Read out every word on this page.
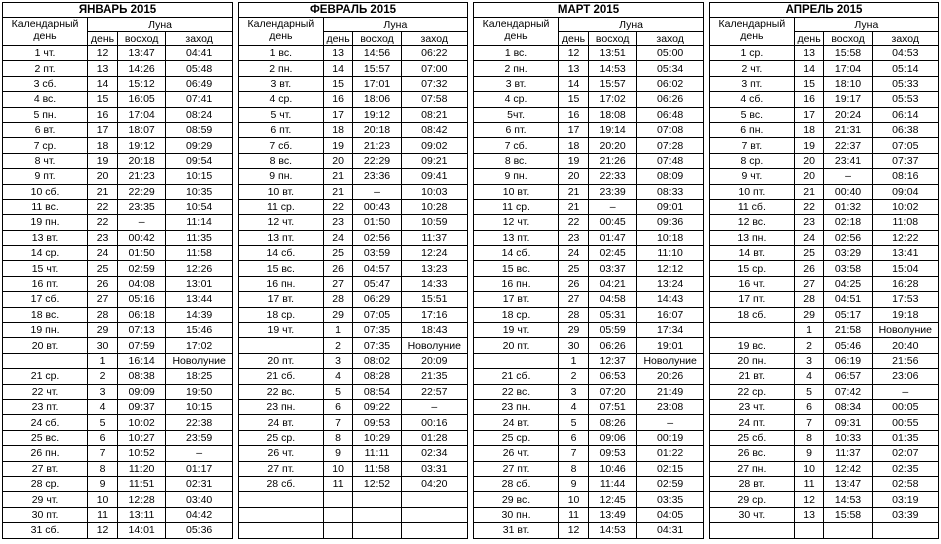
ЯНВАРЬ 2015			
Календарный
день	Луна		
	день	восход	заход
1 чт.	12	13:47	04:41
2 пт.	13	14:26	05:48
3 сб.	14	15:12	06:49
4 вс.	15	16:05	07:41
5 пн.	16	17:04	08:24
6 вт.	17	18:07	08:59
7 ср.	18	19:12	09:29
8 чт.	19	20:18	09:54
9 пт.	20	21:23	10:15
10 сб.	21	22:29	10:35
11 вс.	22	23:35	10:54
19 пн.	22	–	11:14
13 вт.	23	00:42	11:35
14 ср.	24	01:50	11:58
15 чт.	25	02:59	12:26
16 пт.	26	04:08	13:01
17 сб.	27	05:16	13:44
18 вс.	28	06:18	14:39
19 пн.	29	07:13	15:46
20 вт.	30	07:59	17:02
	1	16:14	Новолуние
21 ср.	2	08:38	18:25
22 чт.	3	09:09	19:50
23 пт.	4	09:37	10:15
24 сб.	5	10:02	22:38
25 вс.	6	10:27	23:59
26 пн.	7	10:52	–
27 вт.	8	11:20	01:17
28 ср.	9	11:51	02:31
29 чт.	10	12:28	03:40
30 пт.	11	13:11	04:42
31 сб.	12	14:01	05:36
ФЕВРАЛЬ 2015			
Календарный
день	Луна		
	день	восход	заход
1 вс.	13	14:56	06:22
2 пн.	14	15:57	07:00
3 вт.	15	17:01	07:32
4 ср.	16	18:06	07:58
5 чт.	17	19:12	08:21
6 пт.	18	20:18	08:42
7 сб.	19	21:23	09:02
8 вс.	20	22:29	09:21
9 пн.	21	23:36	09:41
10 вт.	21	–	10:03
11 ср.	22	00:43	10:28
12 чт.	23	01:50	10:59
13 пт.	24	02:56	11:37
14 сб.	25	03:59	12:24
15 вс.	26	04:57	13:23
16 пн.	27	05:47	14:33
17 вт.	28	06:29	15:51
18 ср.	29	07:05	17:16
19 чт.	1	07:35	18:43
	2	07:35	Новолуние
20 пт.	3	08:02	20:09
21 сб.	4	08:28	21:35
22 вс.	5	08:54	22:57
23 пн.	6	09:22	–
24 вт.	7	09:53	00:16
25 ср.	8	10:29	01:28
26 чт.	9	11:11	02:34
27 пт.	10	11:58	03:31
28 сб.	11	12:52	04:20

МАРТ 2015			
Календарный
день	Луна		
	день	восход	заход
1 вс.	12	13:51	05:00
2 пн.	13	14:53	05:34
3 вт.	14	15:57	06:02
4 ср.	15	17:02	06:26
5чт.	16	18:08	06:48
6 пт.	17	19:14	07:08
7 сб.	18	20:20	07:28
8 вс.	19	21:26	07:48
9 пн.	20	22:33	08:09
10 вт.	21	23:39	08:33
11 ср.	21	–	09:01
12 чт.	22	00:45	09:36
13 пт.	23	01:47	10:18
14 сб.	24	02:45	11:10
15 вс.	25	03:37	12:12
16 пн.	26	04:21	13:24
17 вт.	27	04:58	14:43
18 ср.	28	05:31	16:07
19 чт.	29	05:59	17:34
20 пт.	30	06:26	19:01
	1	12:37	Новолуние
21 сб.	2	06:53	20:26
22 вс.	3	07:20	21:49
23 пн.	4	07:51	23:08
24 вт.	5	08:26	–
25 ср.	6	09:06	00:19
26 чт.	7	09:53	01:22
27 пт.	8	10:46	02:15
28 сб.	9	11:44	02:59
29 вс.	10	12:45	03:35
30 пн.	11	13:49	04:05
31 вт.	12	14:53	04:31
АПРЕЛЬ 2015			
Календарный
день	Луна		
	день	восход	заход
1 ср.	13	15:58	04:53
2 чт.	14	17:04	05:14
3 пт.	15	18:10	05:33
4 сб.	16	19:17	05:53
5 вс.	17	20:24	06:14
6 пн.	18	21:31	06:38
7 вт.	19	22:37	07:05
8 ср.	20	23:41	07:37
9 чт.	20	–	08:16
10 пт.	21	00:40	09:04
11 сб.	22	01:32	10:02
12 вс.	23	02:18	11:08
13 пн.	24	02:56	12:22
14 вт.	25	03:29	13:41
15 ср.	26	03:58	15:04
16 чт.	27	04:25	16:28
17 пт.	28	04:51	17:53
18 сб.	29	05:17	19:18
	1	21:58	Новолуние
19 вс.	2	05:46	20:40
20 пн.	3	06:19	21:56
21 вт.	4	06:57	23:06
22 ср.	5	07:42	–
23 чт.	6	08:34	00:05
24 пт.	7	09:31	00:55
25 сб.	8	10:33	01:35
26 вс.	9	11:37	02:07
27 пн.	10	12:42	02:35
28 вт.	11	13:47	02:58
29 ср.	12	14:53	03:19
30 чт.	13	15:58	03:39
